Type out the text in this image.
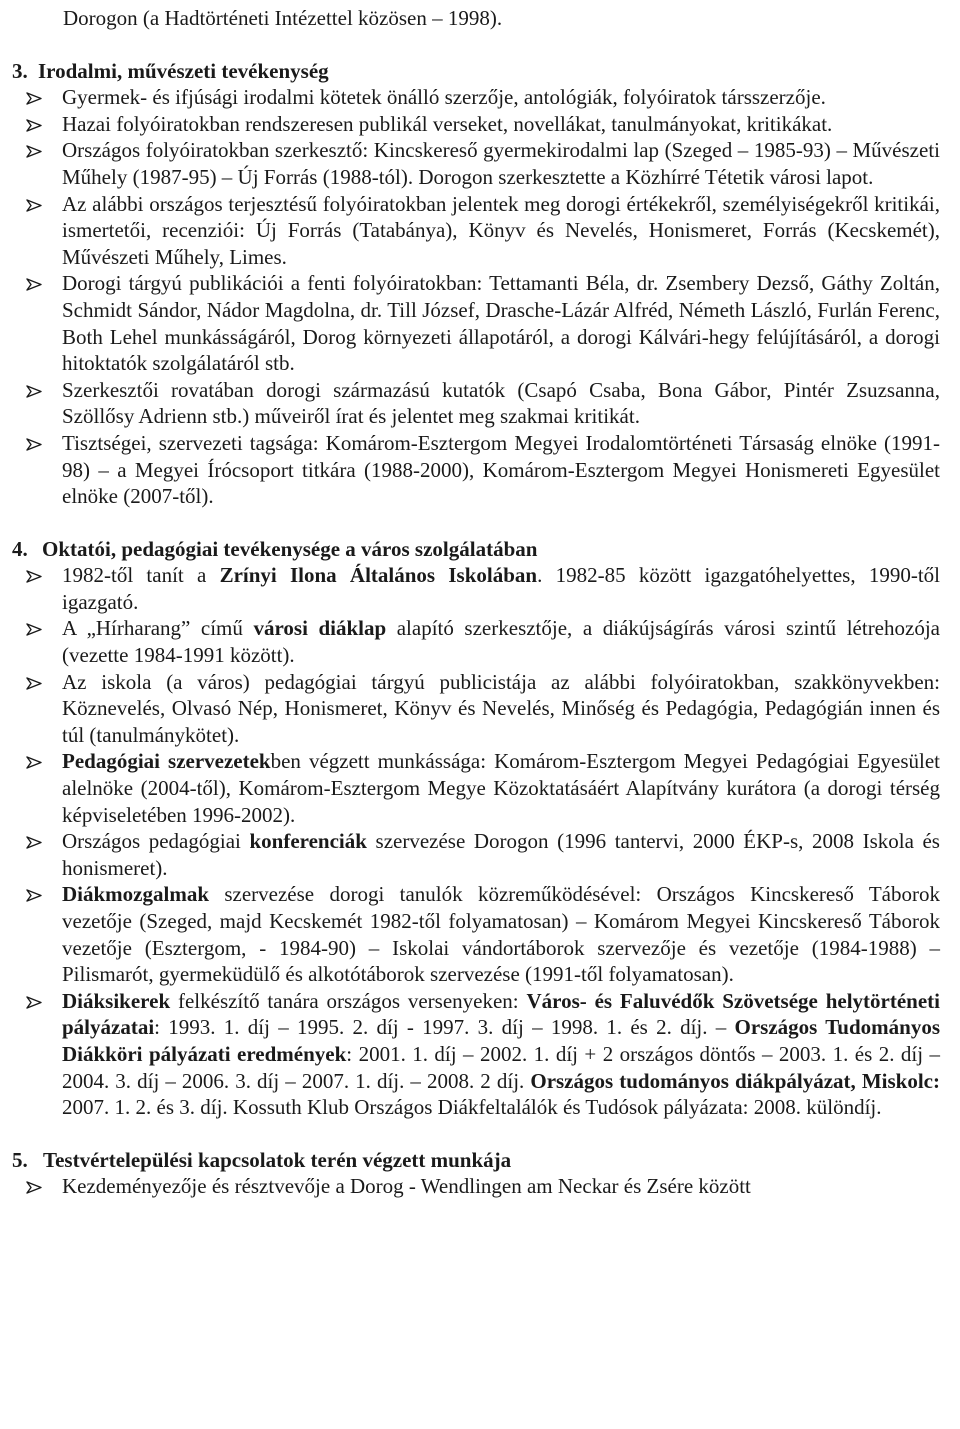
Dorogon (a Hadtörténeti Intézettel közösen – 1998).

3. Irodalmi, művészeti tevékenység
Gyermek- és ifjúsági irodalmi kötetek önálló szerzője, antológiák, folyóiratok társszerzője.
Hazai folyóiratokban rendszeresen publikál verseket, novellákat, tanulmányokat, kritikákat.
Országos folyóiratokban szerkesztő: Kincskereső gyermekirodalmi lap (Szeged – 1985-93) – Művészeti Műhely (1987-95) – Új Forrás (1988-tól). Dorogon szerkesztette a Közhírré Tétetik városi lapot.
Az alábbi országos terjesztésű folyóiratokban jelentek meg dorogi értékekről, személyiségekről kritikái, ismertetői, recenziói: Új Forrás (Tatabánya), Könyv és Nevelés, Honismeret, Forrás (Kecskemét), Művészeti Műhely, Limes.
Dorogi tárgyú publikációi a fenti folyóiratokban: Tettamanti Béla, dr. Zsembery Dezső, Gáthy Zoltán, Schmidt Sándor, Nádor Magdolna, dr. Till József, Drasche-Lázár Alfréd, Németh László, Furlán Ferenc, Both Lehel munkásságáról, Dorog környezeti állapotáról, a dorogi Kálvári-hegy felújításáról, a dorogi hitoktatók szolgálatáról stb.
Szerkesztői rovatában dorogi származású kutatók (Csapó Csaba, Bona Gábor, Pintér Zsuzsanna, Szöllősy Adrienn stb.) műveiről írat és jelentet meg szakmai kritikát.
Tisztségei, szervezeti tagsága: Komárom-Esztergom Megyei Irodalomtörténeti Társaság elnöke (1991-98) – a Megyei Írócsoport titkára (1988-2000), Komárom-Esztergom Megyei Honismereti Egyesület elnöke (2007-től).
4. Oktatói, pedagógiai tevékenysége a város szolgálatában
1982-től tanít a Zrínyi Ilona Általános Iskolában. 1982-85 között igazgatóhelyettes, 1990-től igazgató.
A „Hírharang” című városi diáklap alapító szerkesztője, a diákújságírás városi szintű létrehozója (vezette 1984-1991 között).
Az iskola (a város) pedagógiai tárgyú publicistája az alábbi folyóiratokban, szakkönyvekben: Köznevelés, Olvasó Nép, Honismeret, Könyv és Nevelés, Minőség és Pedagógia, Pedagógián innen és túl (tanulmánykötet).
Pedagógiai szervezetekben végzett munkássága: Komárom-Esztergom Megyei Pedagógiai Egyesület alelnöke (2004-től), Komárom-Esztergom Megye Közoktatásáért Alapítvány kurátora (a dorogi térség képviseletében 1996-2002).
Országos pedagógiai konferenciák szervezése Dorogon (1996 tantervi, 2000 ÉKP-s, 2008 Iskola és honismeret).
Diákmozgalmak szervezése dorogi tanulók közreműködésével: Országos Kincskereső Táborok vezetője (Szeged, majd Kecskemét 1982-től folyamatosan) – Komárom Megyei Kincskereső Táborok vezetője (Esztergom, - 1984-90) – Iskolai vándortáborok szervezője és vezetője (1984-1988) – Pilismarót, gyermeküdülő és alkotótáborok szervezése (1991-től folyamatosan).
Diáksikerek felkészítő tanára országos versenyeken: Város- és Faluvédők Szövetsége helytörténeti pályázatai: 1993. 1. díj – 1995. 2. díj - 1997. 3. díj – 1998. 1. és 2. díj. – Országos Tudományos Diákköri pályázati eredmények: 2001. 1. díj – 2002. 1. díj + 2 országos döntős – 2003. 1. és 2. díj – 2004. 3. díj – 2006. 3. díj – 2007. 1. díj. – 2008. 2 díj. Országos tudományos diákpályázat, Miskolc: 2007. 1. 2. és 3. díj. Kossuth Klub Országos Diákfeltalálók és Tudósok pályázata: 2008. különdíj.
5. Testvértelepülési kapcsolatok terén végzett munkája
Kezdeményezője és résztvevője a Dorog - Wendlingen am Neckar és Zsére között
